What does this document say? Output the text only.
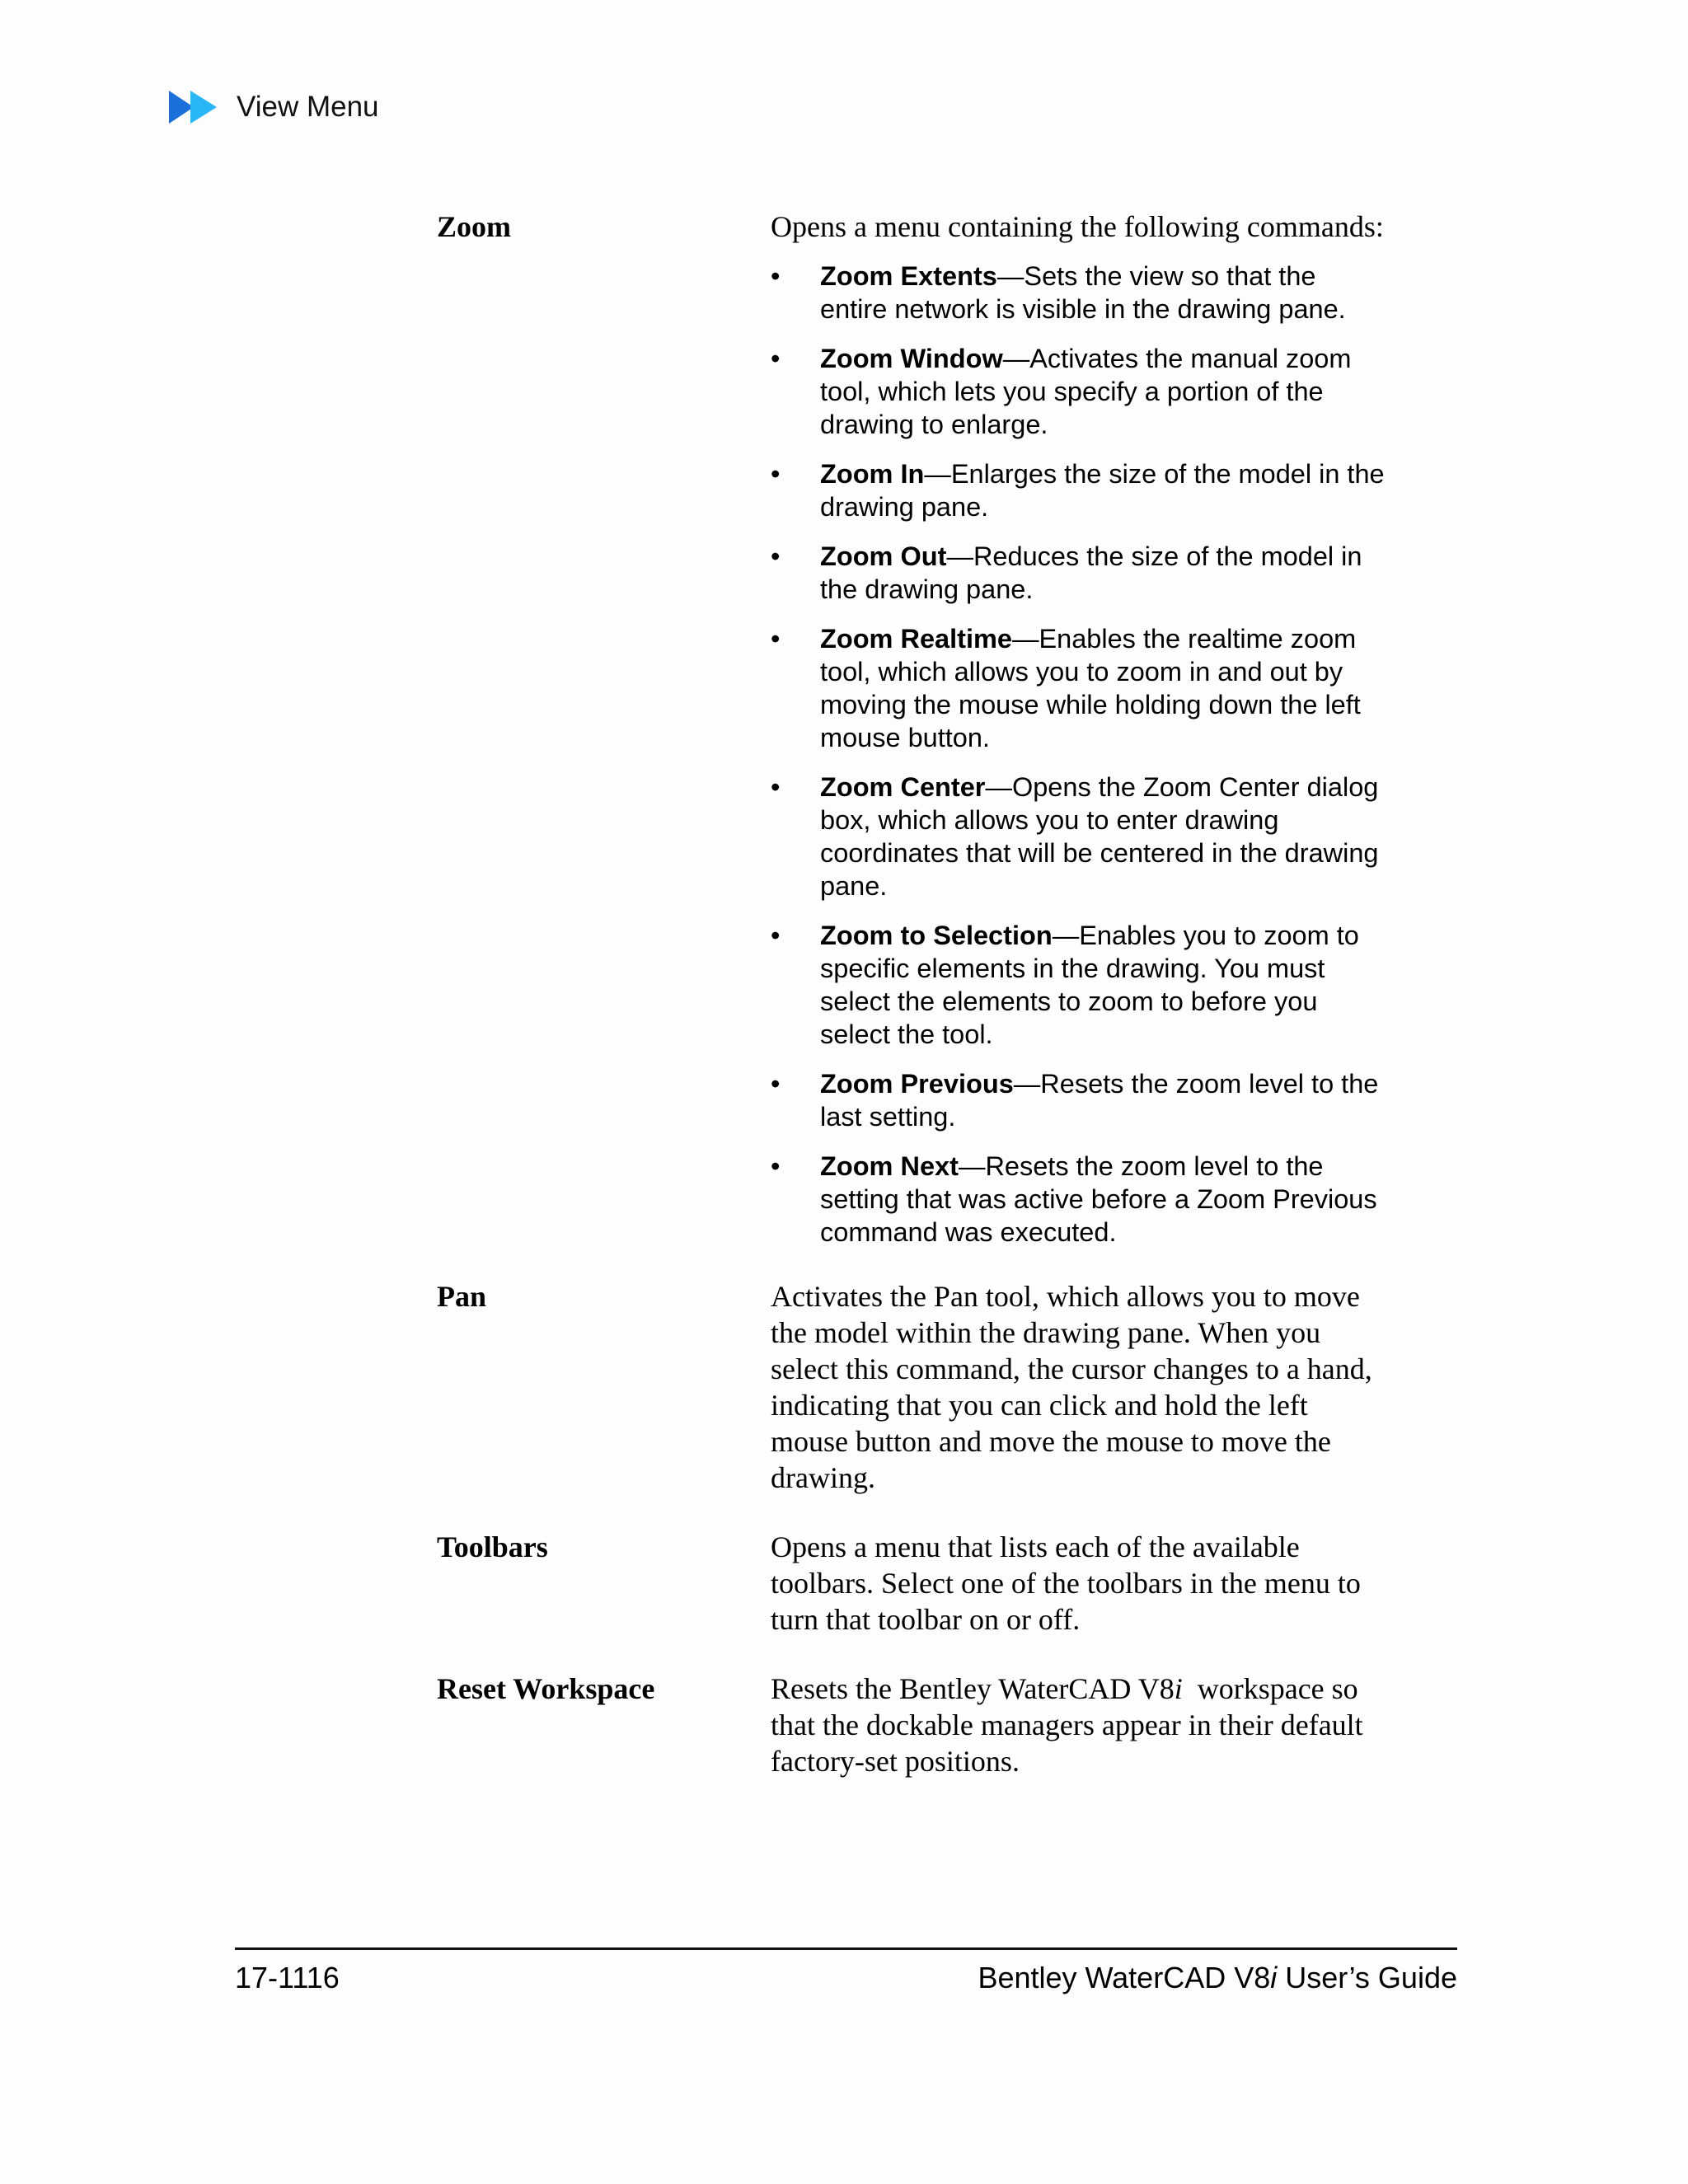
View Menu
Zoom	Opens a menu containing the following commands:
• Zoom Extents—Sets the view so that the entire network is visible in the drawing pane.
• Zoom Window—Activates the manual zoom tool, which lets you specify a portion of the drawing to enlarge.
• Zoom In—Enlarges the size of the model in the drawing pane.
• Zoom Out—Reduces the size of the model in the drawing pane.
• Zoom Realtime—Enables the realtime zoom tool, which allows you to zoom in and out by moving the mouse while holding down the left mouse button.
• Zoom Center—Opens the Zoom Center dialog box, which allows you to enter drawing coordinates that will be centered in the drawing pane.
• Zoom to Selection—Enables you to zoom to specific elements in the drawing. You must select the elements to zoom to before you select the tool.
• Zoom Previous—Resets the zoom level to the last setting.
• Zoom Next—Resets the zoom level to the setting that was active before a Zoom Previous command was executed.
Pan	Activates the Pan tool, which allows you to move the model within the drawing pane. When you select this command, the cursor changes to a hand, indicating that you can click and hold the left mouse button and move the mouse to move the drawing.
Toolbars	Opens a menu that lists each of the available toolbars. Select one of the toolbars in the menu to turn that toolbar on or off.
Reset Workspace	Resets the Bentley WaterCAD V8i  workspace so that the dockable managers appear in their default factory-set positions.
17-1116	Bentley WaterCAD V8i User’s Guide
